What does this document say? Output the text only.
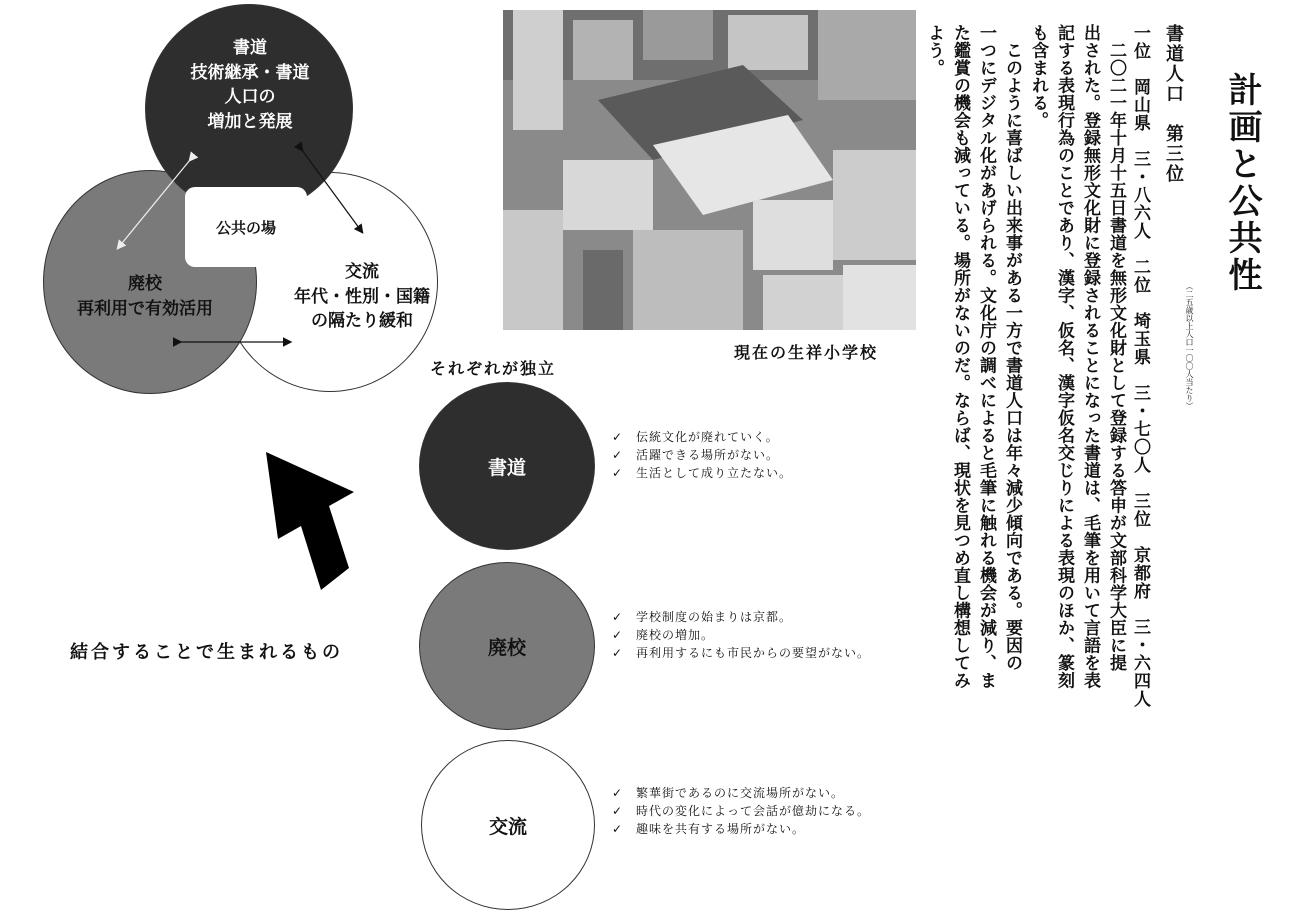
公共の場
書道
技術継承・書道
人口の
増加と発展
廃校
再利用で有効活用
交流
年代・性別・国籍
の隔たり緩和
結合することで生まれるもの
現在の生祥小学校
それぞれが独立
書道
✓ 伝統文化が廃れていく。
✓ 活躍できる場所がない。
✓ 生活として成り立たない。
廃校
✓ 学校制度の始まりは京都。
✓ 廃校の増加。
✓ 再利用するにも市民からの要望がない。
交流
✓ 繁華街であるのに交流場所がない。
✓ 時代の変化によって会話が億劫になる。
✓ 趣味を共有する場所がない。
計画と公共性
（二五歳以上人口一〇〇人当たり）
書道人口　第三位
一位　岡山県　三・八六人　二位　埼玉県　三・七〇人　三位　京都府　三・六四人
　二〇二一年十月十五日書道を無形文化財として登録する答申が文部科学大臣に提
出された。登録無形文化財に登録されることになった書道は、毛筆を用いて言語を表
記する表現行為のことであり、漢字、仮名、漢字仮名交じりによる表現のほか、篆刻
も含まれる。
　このように喜ばしい出来事がある一方で書道人口は年々減少傾向である。要因の
一つにデジタル化があげられる。文化庁の調べによると毛筆に触れる機会が減り、ま
た鑑賞の機会も減っている。場所がないのだ。ならば、現状を見つめ直し構想してみ
よう。
